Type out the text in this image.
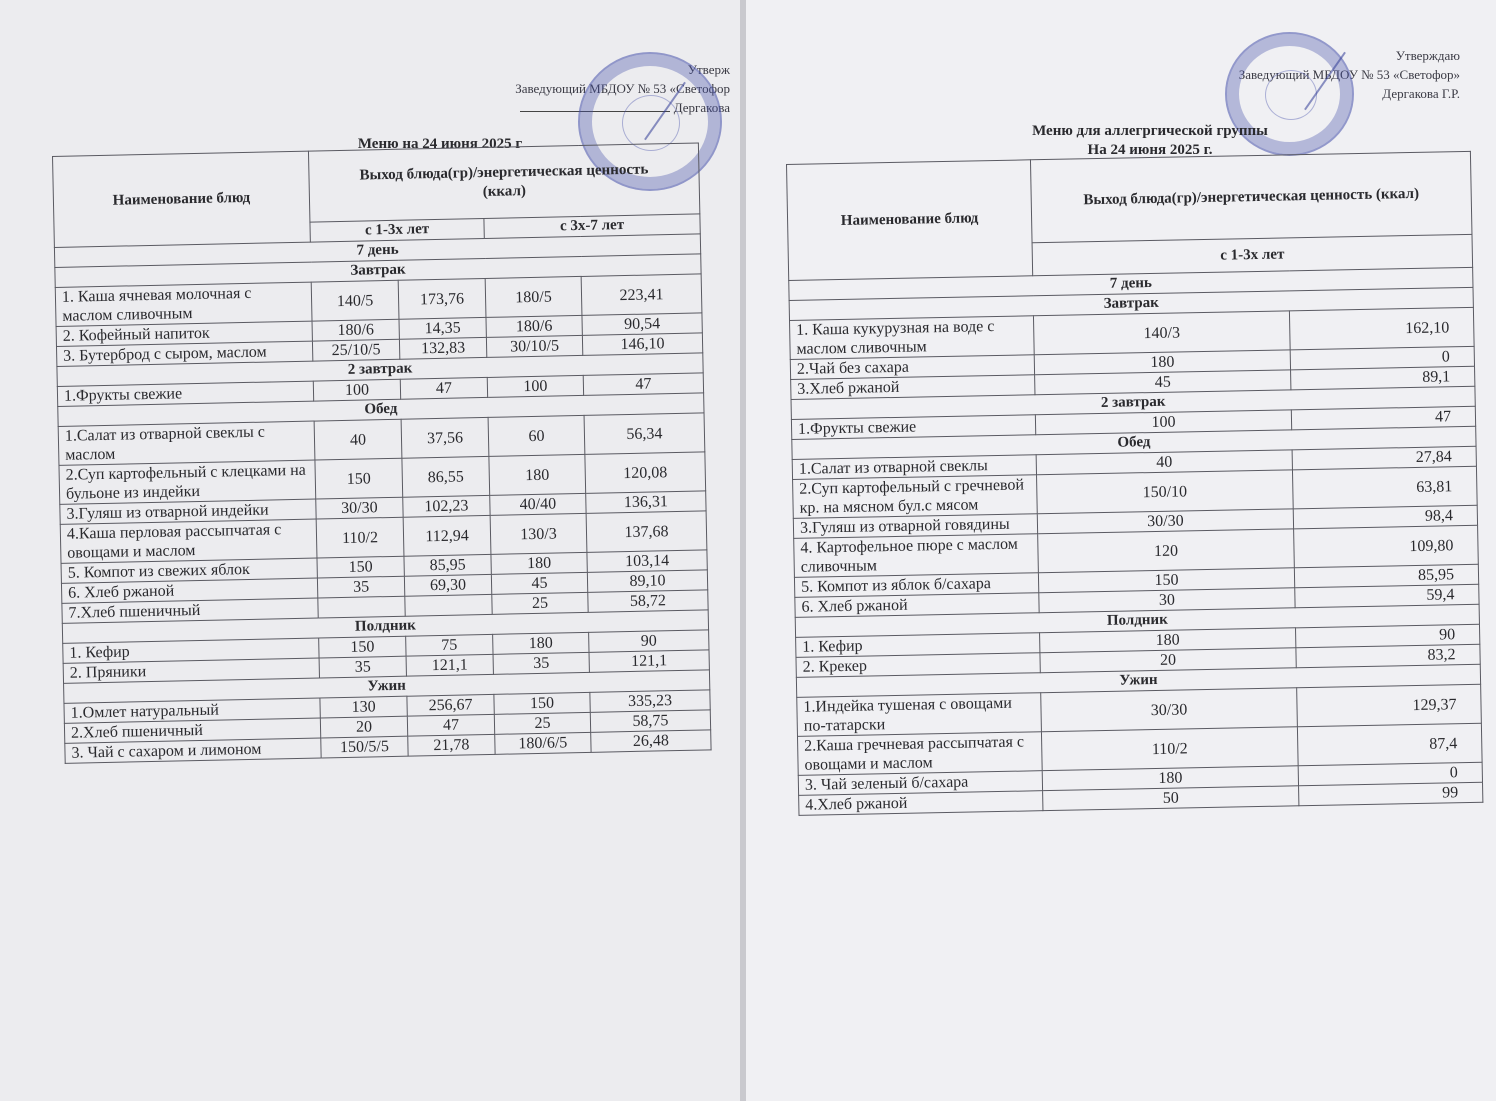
Утверж
Заведующий МБДОУ № 53 «Светофор
Дергакова
Меню на 24 июня 2025 г
Наименование блюд	Выход блюда(гр)/энергетическая ценность (ккал)			
	с 1-3х лет		с 3х-7 лет	
7 день				
Завтрак				
1. Каша ячневая молочная с маслом сливочным	140/5	173,76	180/5	223,41
2. Кофейный напиток	180/6	14,35	180/6	90,54
3. Бутерброд с сыром, маслом	25/10/5	132,83	30/10/5	146,10
2 завтрак				
1.Фрукты свежие	100	47	100	47
Обед				
1.Салат из отварной свеклы с маслом	40	37,56	60	56,34
2.Суп картофельный с клецками на бульоне из индейки	150	86,55	180	120,08
3.Гуляш из отварной индейки	30/30	102,23	40/40	136,31
4.Каша перловая рассыпчатая с овощами и маслом	110/2	112,94	130/3	137,68
5. Компот из свежих яблок	150	85,95	180	103,14
6. Хлеб ржаной	35	69,30	45	89,10
7.Хлеб пшеничный			25	58,72
Полдник				
1. Кефир	150	75	180	90
2. Пряники	35	121,1	35	121,1
Ужин				
1.Омлет натуральный	130	256,67	150	335,23
2.Хлеб пшеничный	20	47	25	58,75
3. Чай с сахаром и лимоном	150/5/5	21,78	180/6/5	26,48
Утверждаю
Заведующий МБДОУ № 53 «Светофор»
Дергакова Г.Р.
Меню для аллегргической группы
На 24 июня 2025 г.
Наименование блюд	Выход блюда(гр)/энергетическая ценность (ккал)	
	с 1-3х лет	
7 день		
Завтрак		
1. Каша кукурузная на воде с маслом сливочным	140/3	162,10
2.Чай без сахара	180	0
3.Хлеб ржаной	45	89,1
2 завтрак		
1.Фрукты свежие	100	47
Обед		
1.Салат из отварной свеклы	40	27,84
2.Суп картофельный с гречневой кр. на мясном бул.с мясом	150/10	63,81
3.Гуляш из отварной говядины	30/30	98,4
4. Картофельное пюре с маслом сливочным	120	109,80
5. Компот из яблок б/сахара	150	85,95
6. Хлеб ржаной	30	59,4
Полдник		
1. Кефир	180	90
2. Крекер	20	83,2
Ужин		
1.Индейка тушеная с овощами по-татарски	30/30	129,37
2.Каша гречневая рассыпчатая с овощами и маслом	110/2	87,4
3. Чай зеленый б/сахара	180	0
4.Хлеб ржаной	50	99
